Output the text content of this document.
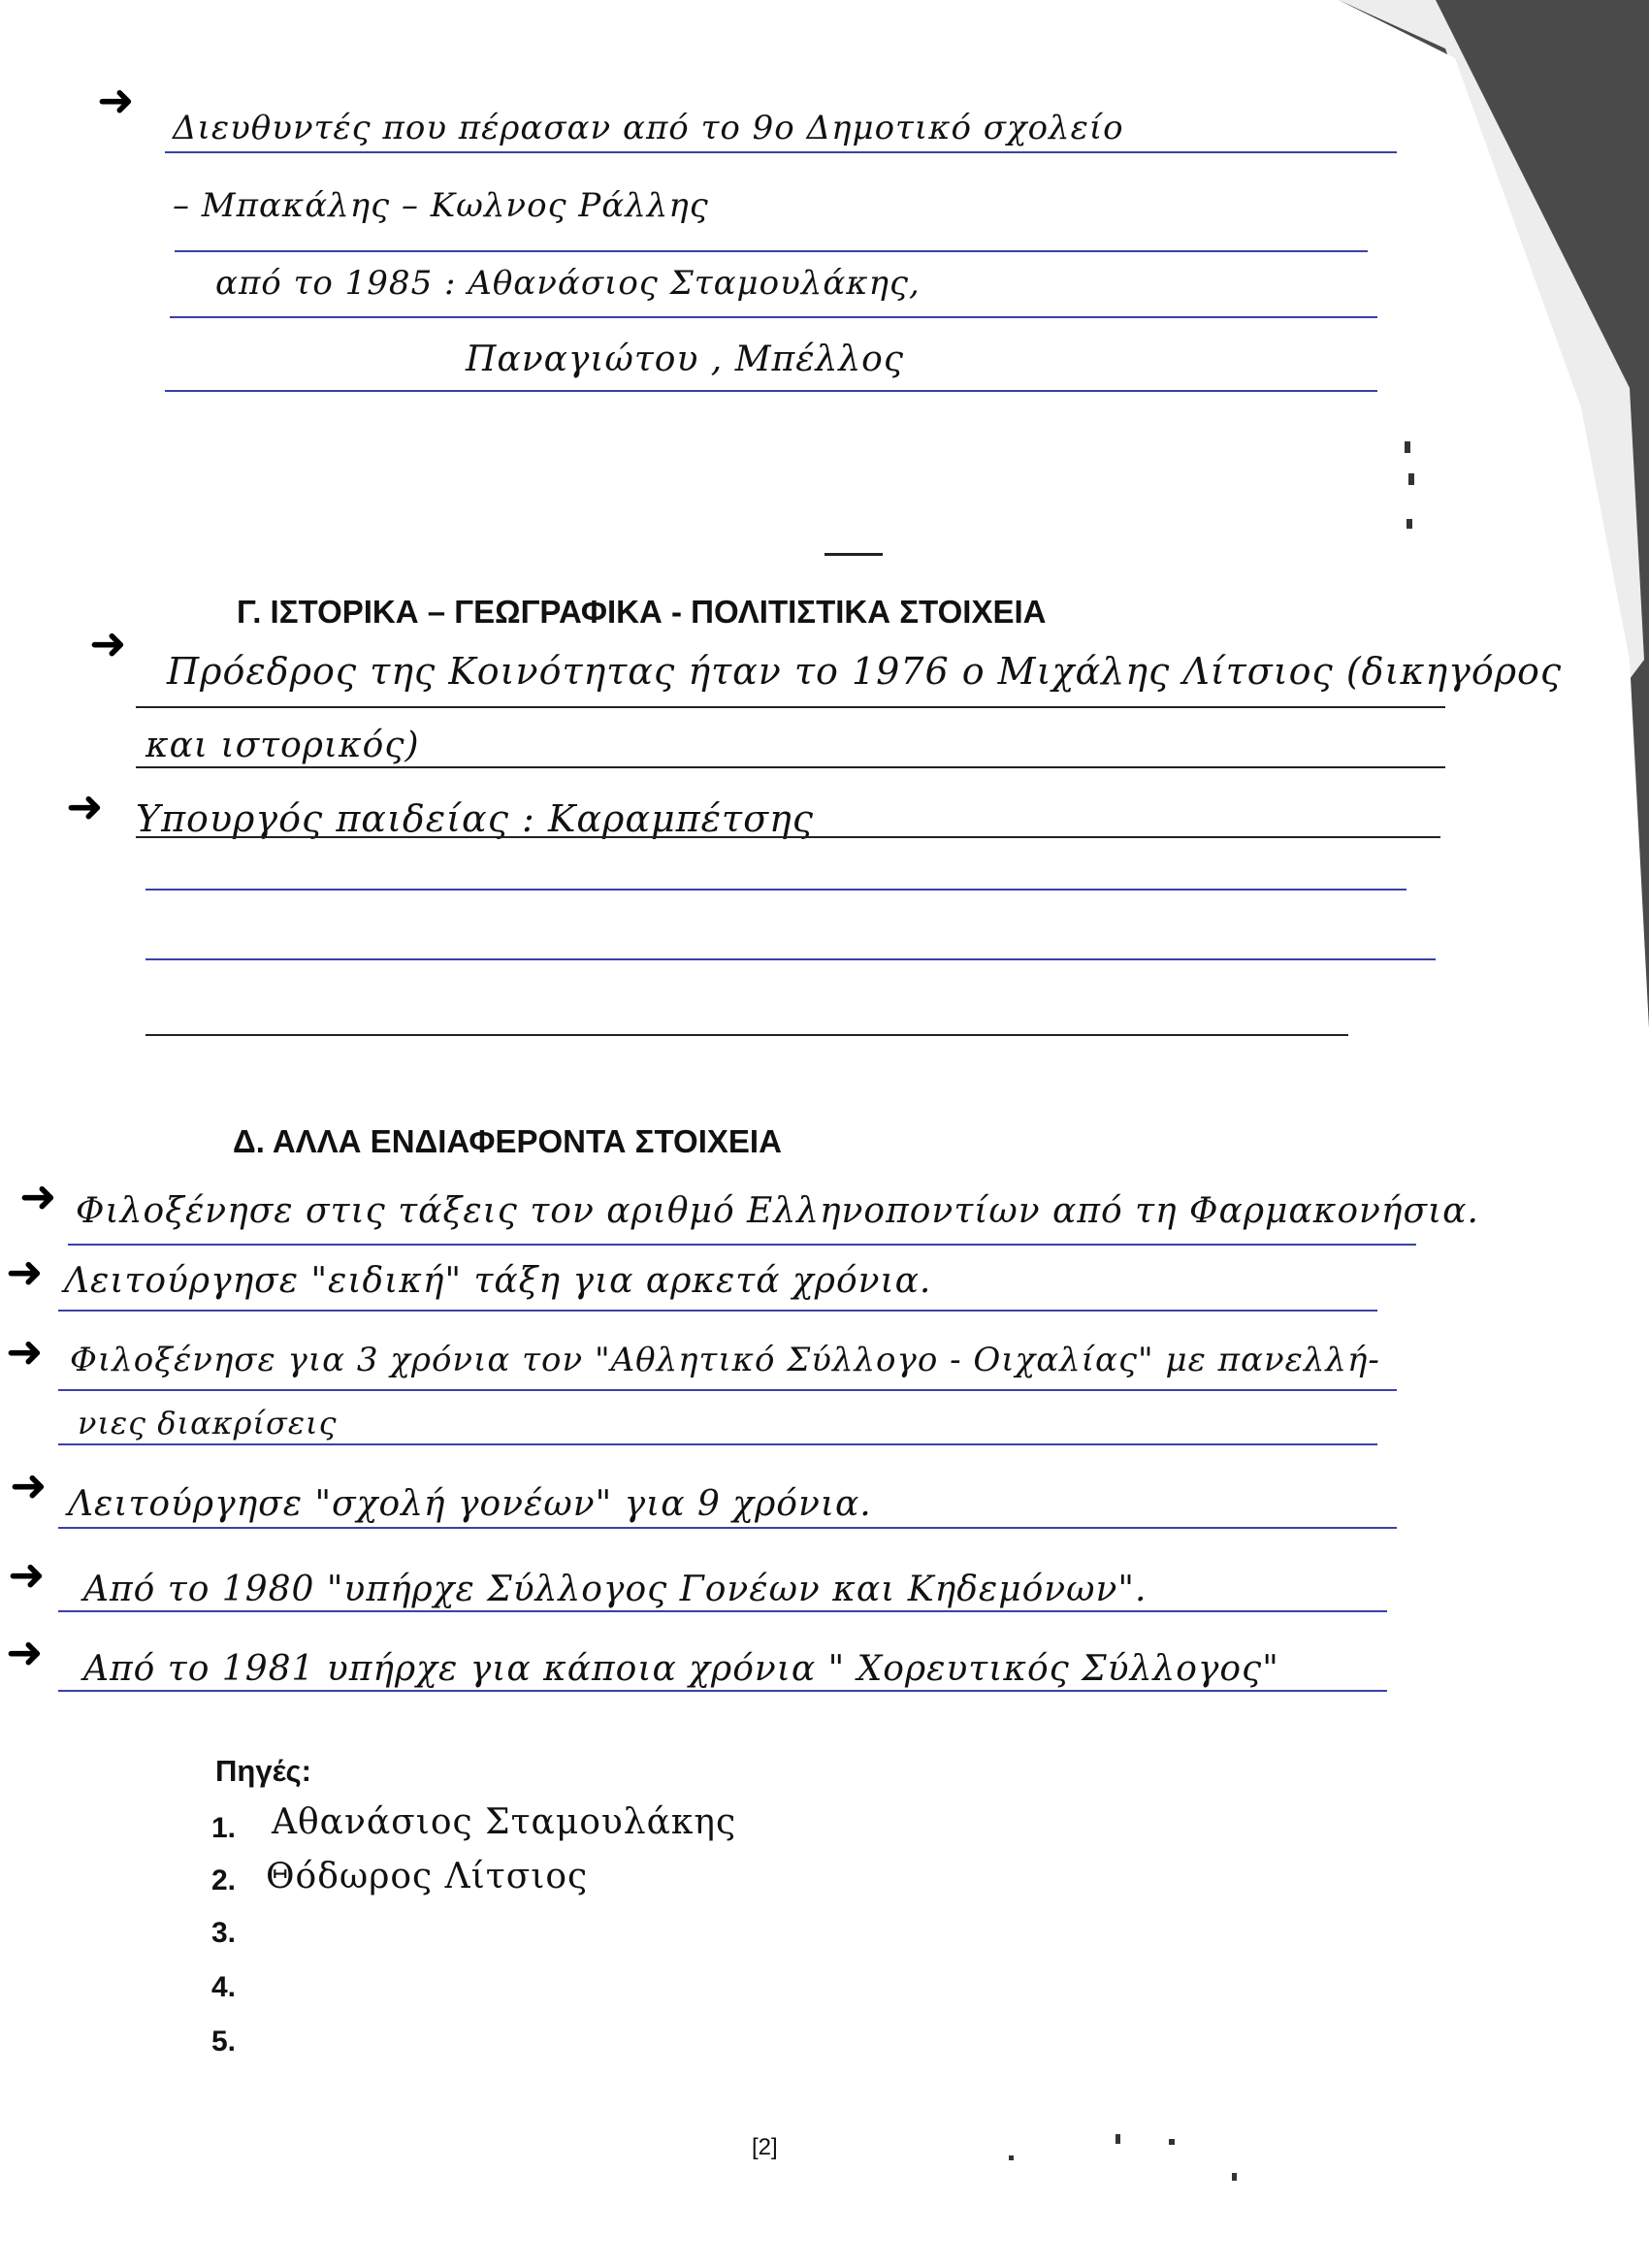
➜
Διευθυντές που πέρασαν από το 9ο Δημοτικό σχολείο
– Μπακάλης – Κωλνος Ράλλης
από το 1985 : Αθανάσιος Σταμουλάκης,
Παναγιώτου , Μπέλλος
Γ. ΙΣΤΟΡΙΚΑ – ΓΕΩΓΡΑΦΙΚΑ - ΠΟΛΙΤΙΣΤΙΚΑ ΣΤΟΙΧΕΙΑ
➜
Πρόεδρος της Κοινότητας ήταν το 1976 ο Μιχάλης Λίτσιος (δικηγόρος
και ιστορικός)
➜ Υπουργός παιδείας : Καραμπέτσης
Δ. ΑΛΛΑ ΕΝΔΙΑΦΕΡΟΝΤΑ ΣΤΟΙΧΕΙΑ
➜ Φιλοξένησε στις τάξεις τον αριθμό Ελληνοποντίων από τη Φαρμακονήσια.
➜ Λειτούργησε "ειδική" τάξη για αρκετά χρόνια.
➜ Φιλοξένησε για 3 χρόνια τον "Αθλητικό Σύλλογο - Οιχαλίας" με πανελλή-
νιες διακρίσεις
➜ Λειτούργησε "σχολή γονέων" για 9 χρόνια.
➜ Από το 1980 "υπήρχε Σύλλογος Γονέων και Κηδεμόνων".
➜ Από το 1981 υπήρχε για κάποια χρόνια " Χορευτικός Σύλλογος"
Πηγές:
1. Αθανάσιος Σταμουλάκης
2. Θόδωρος Λίτσιος
3.
4.
5.
[2]
